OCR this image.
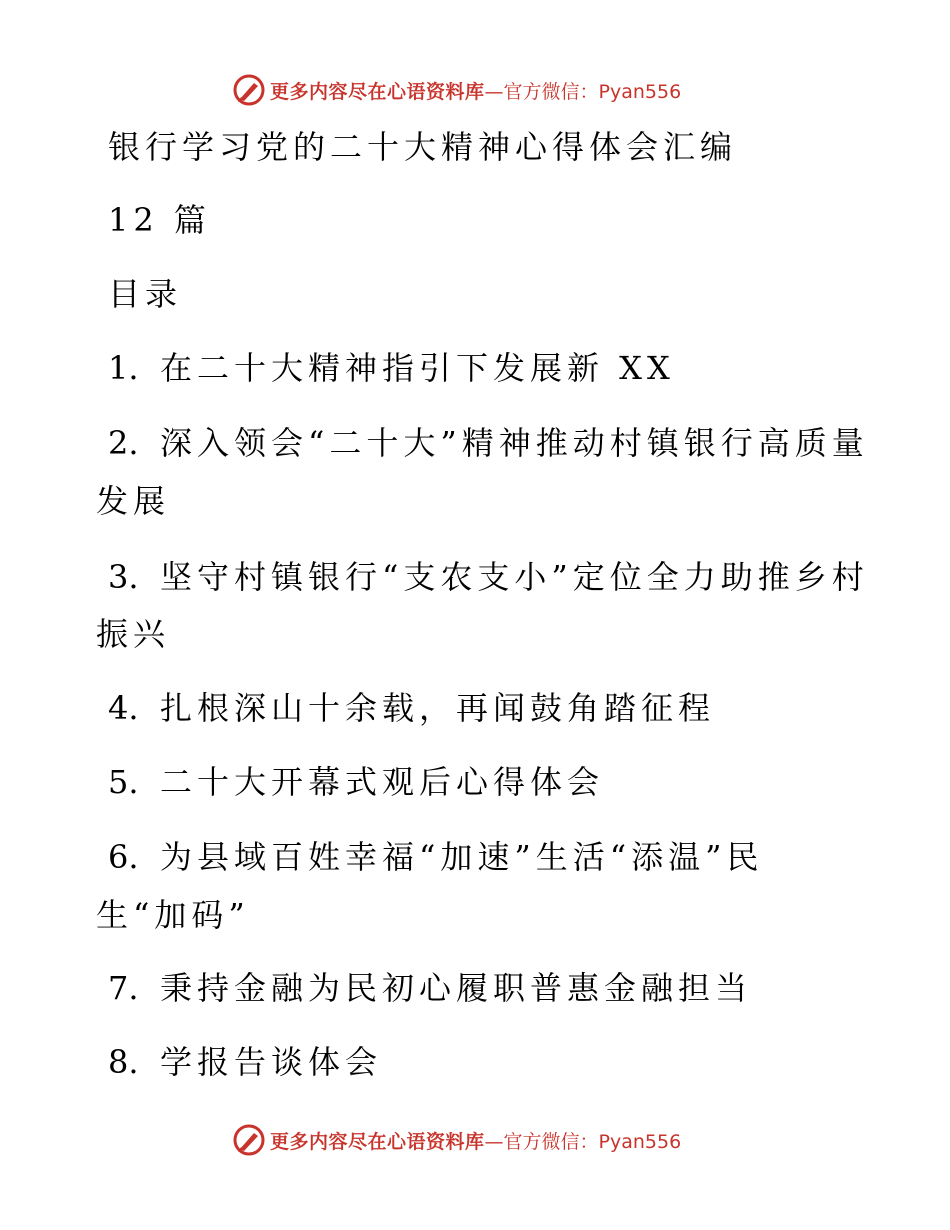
更多内容尽在心语资料库 —官方微信：Pyan556
银行学习党的二十大精神心得体会汇编
12 篇
目录
1. 在二十大精神指引下发展新 XX
2. 深入领会“二十大”精神推动村镇银行高质量
发展
3. 坚守村镇银行“支农支小”定位全力助推乡村
振兴
4. 扎根深山十余载，再闻鼓角踏征程
5. 二十大开幕式观后心得体会
6. 为县域百姓幸福“加速”生活“添温”民
生“加码”
7. 秉持金融为民初心履职普惠金融担当
8. 学报告谈体会
更多内容尽在心语资料库 —官方微信：Pyan556
